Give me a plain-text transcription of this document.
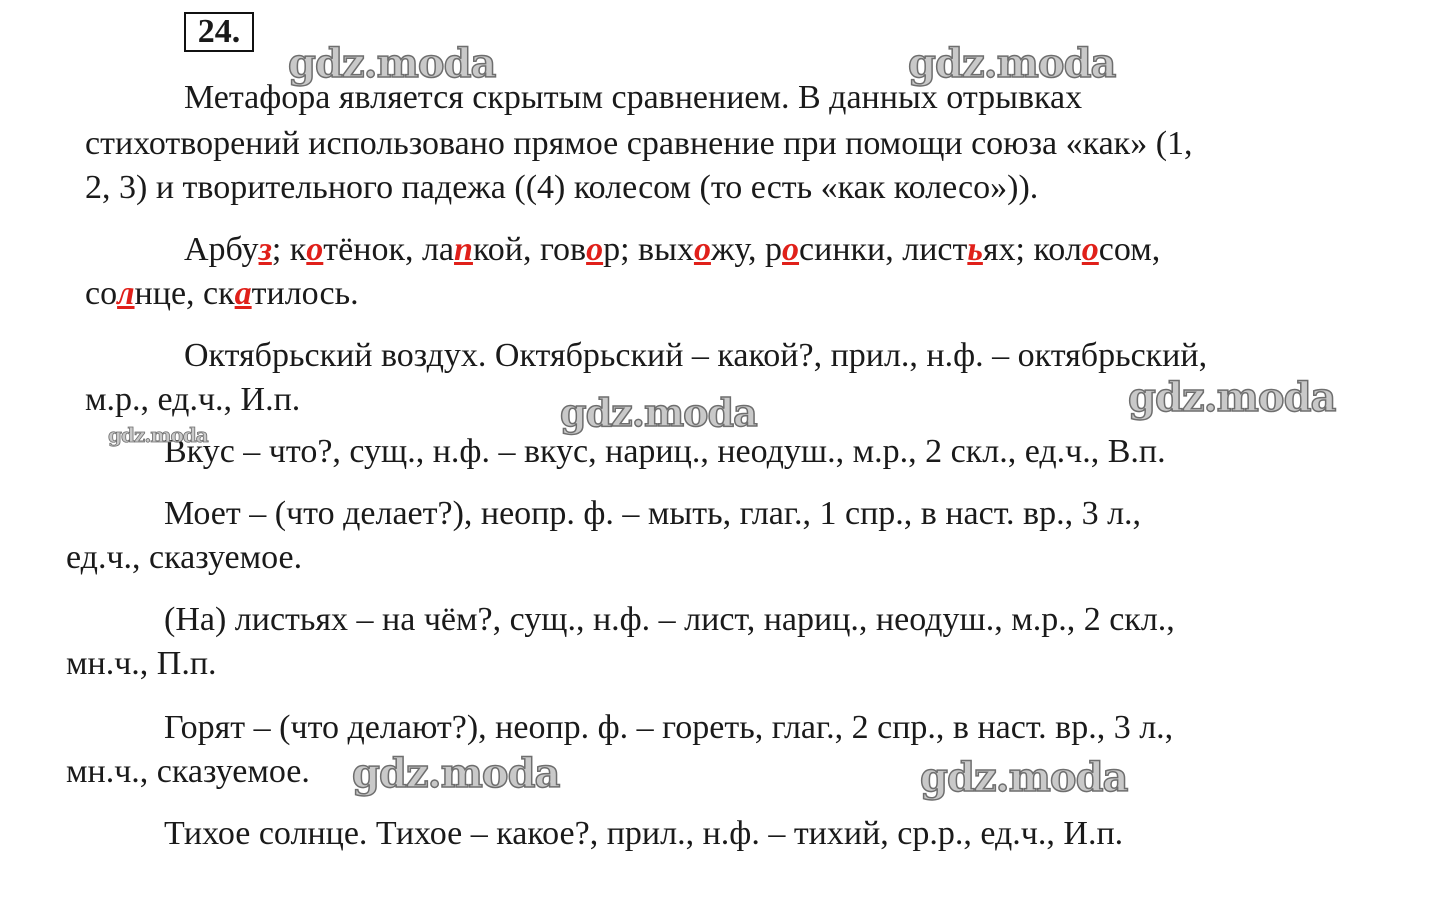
24.
Метафора является скрытым сравнением. В данных отрывках
стихотворений использовано прямое сравнение при помощи союза «как» (1,
2, 3) и творительного падежа ((4) колесом (то есть «как колесо»)).
Арбуз; котёнок, лапкой, говор; выхожу, росинки, листьях; колосом,
солнце, скатилось.
Октябрьский воздух. Октябрьский – какой?, прил., н.ф. – октябрьский,
м.р., ед.ч., И.п.
Вкус – что?, сущ., н.ф. – вкус, нариц., неодуш., м.р., 2 скл., ед.ч., В.п.
Моет – (что делает?), неопр. ф. – мыть, глаг., 1 спр., в наст. вр., 3 л.,
ед.ч., сказуемое.
(На) листьях – на чём?, сущ., н.ф. – лист, нариц., неодуш., м.р., 2 скл.,
мн.ч., П.п.
Горят – (что делают?), неопр. ф. – гореть, глаг., 2 спр., в наст. вр., 3 л.,
мн.ч., сказуемое.
Тихое солнце. Тихое – какое?, прил., н.ф. – тихий, ср.р., ед.ч., И.п.
gdz.moda	gdz.moda
gdz.moda
gdz.moda
gdz.moda
gdz.moda	gdz.moda
